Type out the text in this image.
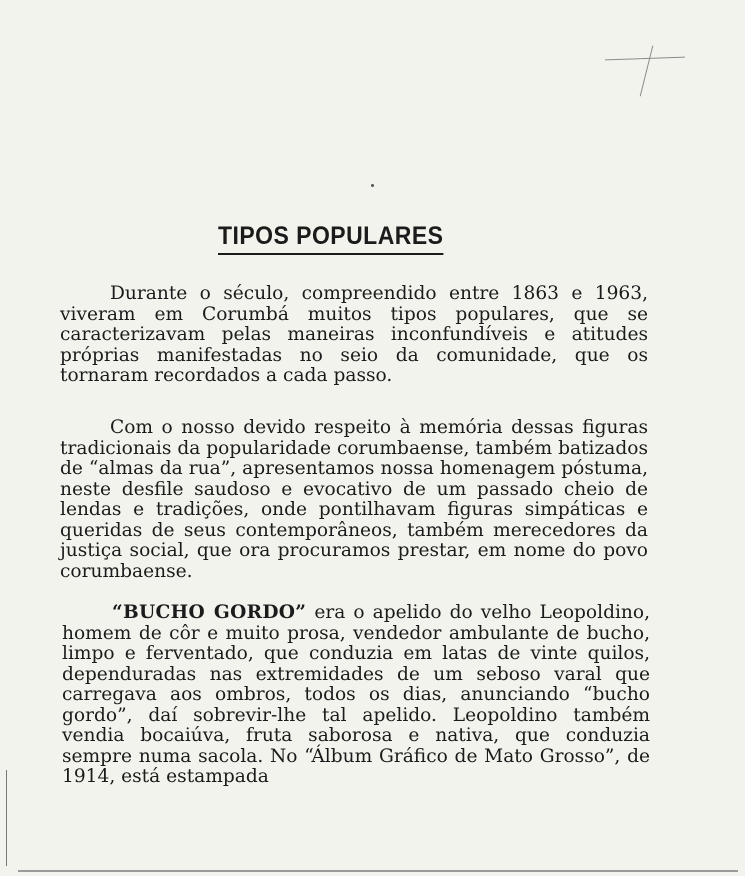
TIPOS POPULARES

Durante o século, compreendido entre 1863 e 1963, viveram em Corumbá muitos tipos populares, que se caracterizavam pelas maneiras inconfundíveis e atitudes próprias manifestadas no seio da comunidade, que os tornaram recordados a cada passo.

Com o nosso devido respeito à memória dessas figuras tradicionais da popularidade corumbaense, também batizados de “almas da rua”, apresentamos nossa homenagem póstuma, neste desfile saudoso e evocativo de um passado cheio de lendas e tradições, onde pontilhavam figuras simpáticas e queridas de seus contemporâneos, também merecedores da justiça social, que ora procuramos prestar, em nome do povo corumbaense.

“BUCHO GORDO” era o apelido do velho Leopoldino, homem de côr e muito prosa, vendedor ambulante de bucho, limpo e ferventado, que conduzia em latas de vinte quilos, dependuradas nas extremidades de um seboso varal que carregava aos ombros, todos os dias, anunciando “bucho gordo”, daí sobrevir-lhe tal apelido. Leopoldino também vendia bocaiúva, fruta saborosa e nativa, que conduzia sempre numa sacola. No “Álbum Gráfico de Mato Grosso”, de 1914, está estampada
